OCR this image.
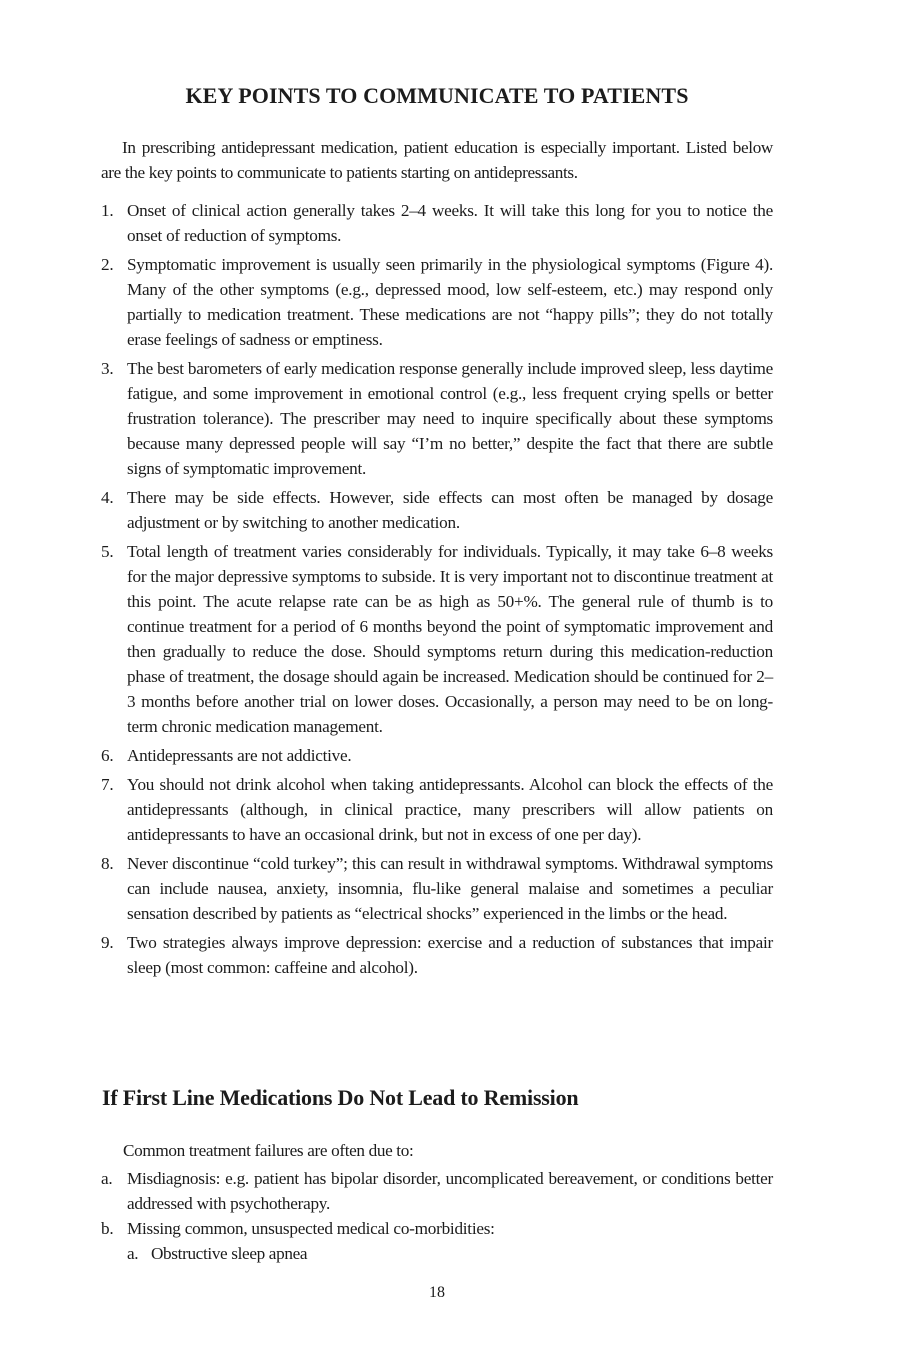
KEY POINTS TO COMMUNICATE TO PATIENTS

In prescribing antidepressant medication, patient education is especially important. Listed below are the key points to communicate to patients starting on antidepressants.

1. Onset of clinical action generally takes 2–4 weeks. It will take this long for you to notice the onset of reduction of symptoms.
2. Symptomatic improvement is usually seen primarily in the physiological symptoms (Figure 4). Many of the other symptoms (e.g., depressed mood, low self-esteem, etc.) may respond only partially to medication treatment. These medications are not “happy pills”; they do not totally erase feelings of sadness or emptiness.
3. The best barometers of early medication response generally include improved sleep, less daytime fatigue, and some improvement in emotional control (e.g., less frequent crying spells or better frustration tolerance). The prescriber may need to inquire specifically about these symptoms because many depressed people will say “I’m no better,” despite the fact that there are subtle signs of symptomatic improvement.
4. There may be side effects. However, side effects can most often be managed by dosage adjustment or by switching to another medication.
5. Total length of treatment varies considerably for individuals. Typically, it may take 6–8 weeks for the major depressive symptoms to subside. It is very important not to discontinue treatment at this point. The acute relapse rate can be as high as 50+%. The general rule of thumb is to continue treatment for a period of 6 months beyond the point of symptomatic improvement and then gradually to reduce the dose. Should symptoms return during this medication-reduction phase of treatment, the dosage should again be increased. Medication should be continued for 2–3 months before another trial on lower doses. Occasionally, a person may need to be on long-term chronic medication management.
6. Antidepressants are not addictive.
7. You should not drink alcohol when taking antidepressants. Alcohol can block the effects of the antidepressants (although, in clinical practice, many prescribers will allow patients on antidepressants to have an occasional drink, but not in excess of one per day).
8. Never discontinue “cold turkey”; this can result in withdrawal symptoms. Withdrawal symptoms can include nausea, anxiety, insomnia, flu-like general malaise and sometimes a peculiar sensation described by patients as “electrical shocks” experienced in the limbs or the head.
9. Two strategies always improve depression: exercise and a reduction of substances that impair sleep (most common: caffeine and alcohol).
If First Line Medications Do Not Lead to Remission

Common treatment failures are often due to:

a. Misdiagnosis: e.g. patient has bipolar disorder, uncomplicated bereavement, or conditions better addressed with psychotherapy.
b. Missing common, unsuspected medical co-morbidities:
a. Obstructive sleep apnea

18
